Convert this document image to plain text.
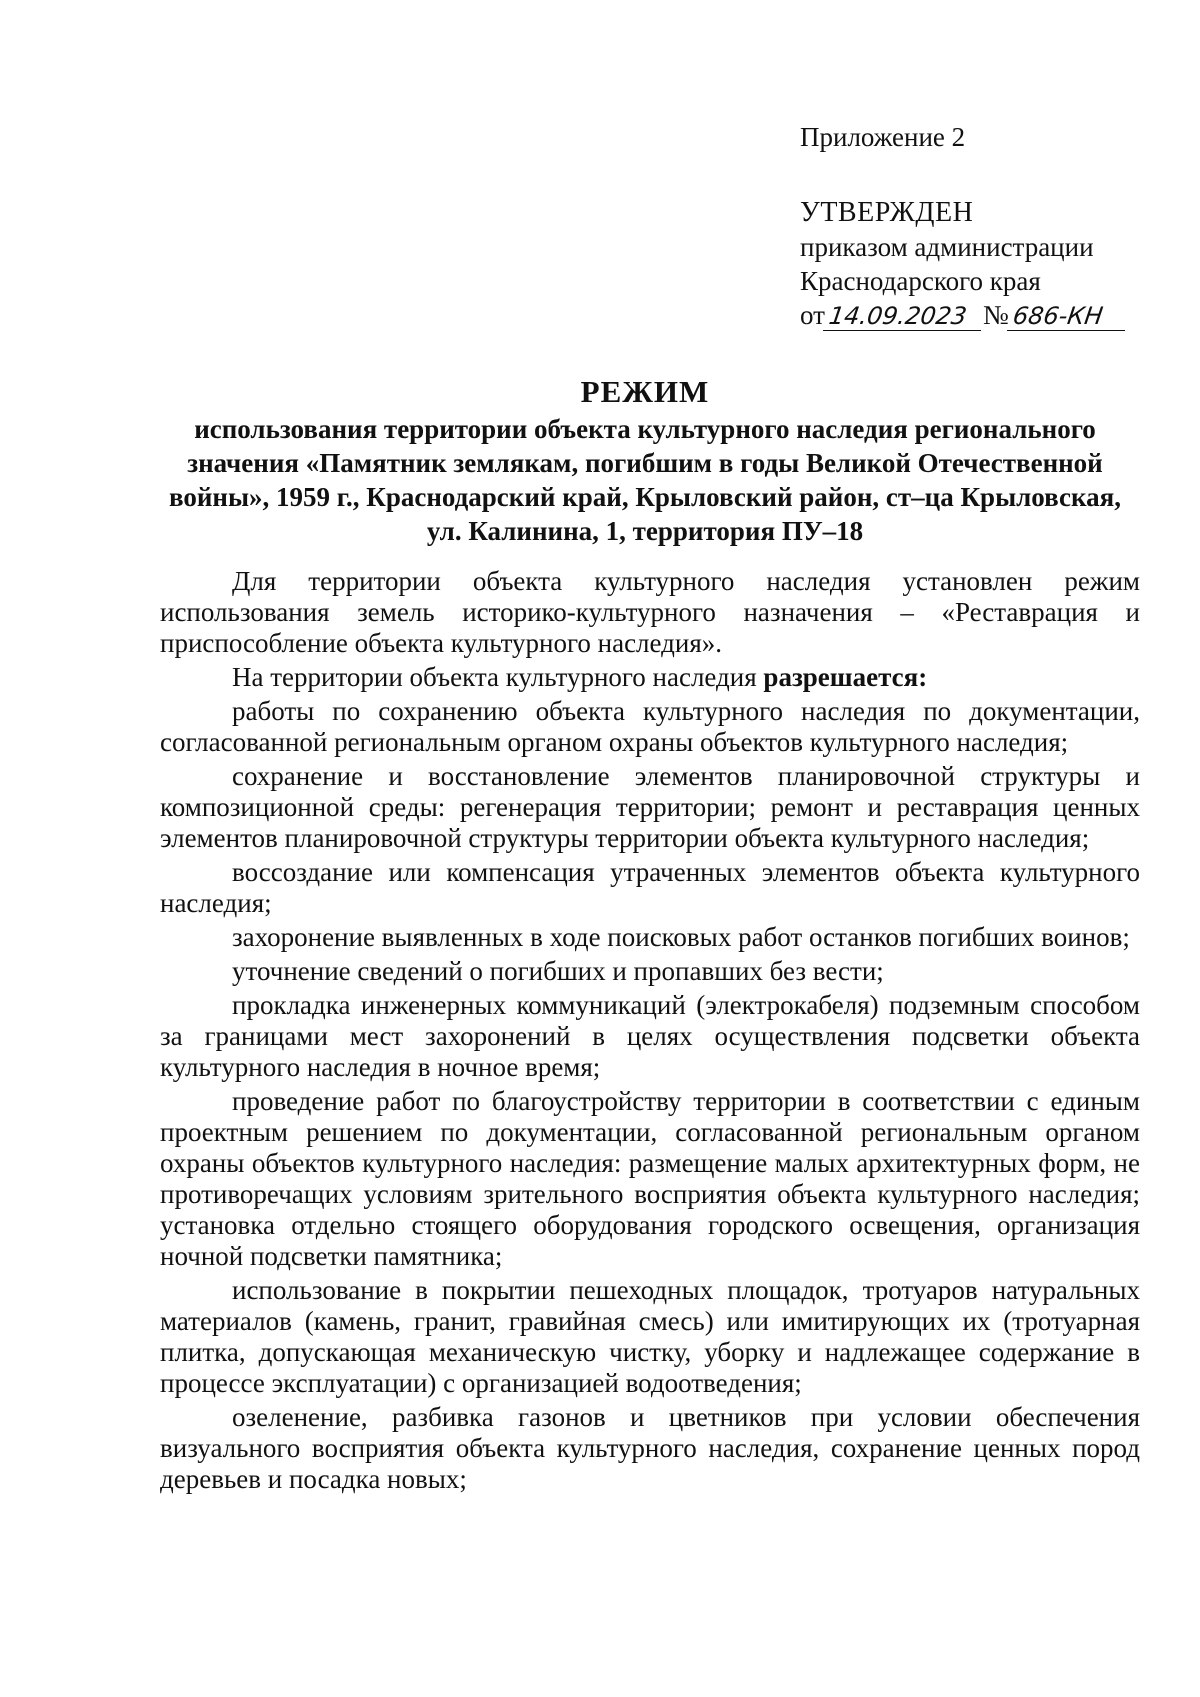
Приложение 2
УТВЕРЖДЕН
приказом администрации
Краснодарского края
от14.09.2023 №686-КН
РЕЖИМ
использования территории объекта культурного наследия регионального значения «Памятник землякам, погибшим в годы Великой Отечественной войны», 1959 г., Краснодарский край, Крыловский район, ст–ца Крыловская, ул. Калинина, 1, территория ПУ–18

Для территории объекта культурного наследия установлен режим использования земель историко-культурного назначения – «Реставрация и приспособление объекта культурного наследия».

На территории объекта культурного наследия разрешается:

работы по сохранению объекта культурного наследия по документации, согласованной региональным органом охраны объектов культурного наследия;

сохранение и восстановление элементов планировочной структуры и композиционной среды: регенерация территории; ремонт и реставрация ценных элементов планировочной структуры территории объекта культурного наследия;

воссоздание или компенсация утраченных элементов объекта культурного наследия;

захоронение выявленных в ходе поисковых работ останков погибших воинов;

уточнение сведений о погибших и пропавших без вести;

прокладка инженерных коммуникаций (электрокабеля) подземным способом за границами мест захоронений в целях осуществления подсветки объекта культурного наследия в ночное время;

проведение работ по благоустройству территории в соответствии с единым проектным решением по документации, согласованной региональным органом охраны объектов культурного наследия: размещение малых архитектурных форм, не противоречащих условиям зрительного восприятия объекта культурного наследия; установка отдельно стоящего оборудования городского освещения, организация ночной подсветки памятника;

использование в покрытии пешеходных площадок, тротуаров натуральных материалов (камень, гранит, гравийная смесь) или имитирующих их (тротуарная плитка, допускающая механическую чистку, уборку и надлежащее содержание в процессе эксплуатации) с организацией водоотведения;

озеленение, разбивка газонов и цветников при условии обеспечения визуального восприятия объекта культурного наследия, сохранение ценных пород деревьев и посадка новых;
